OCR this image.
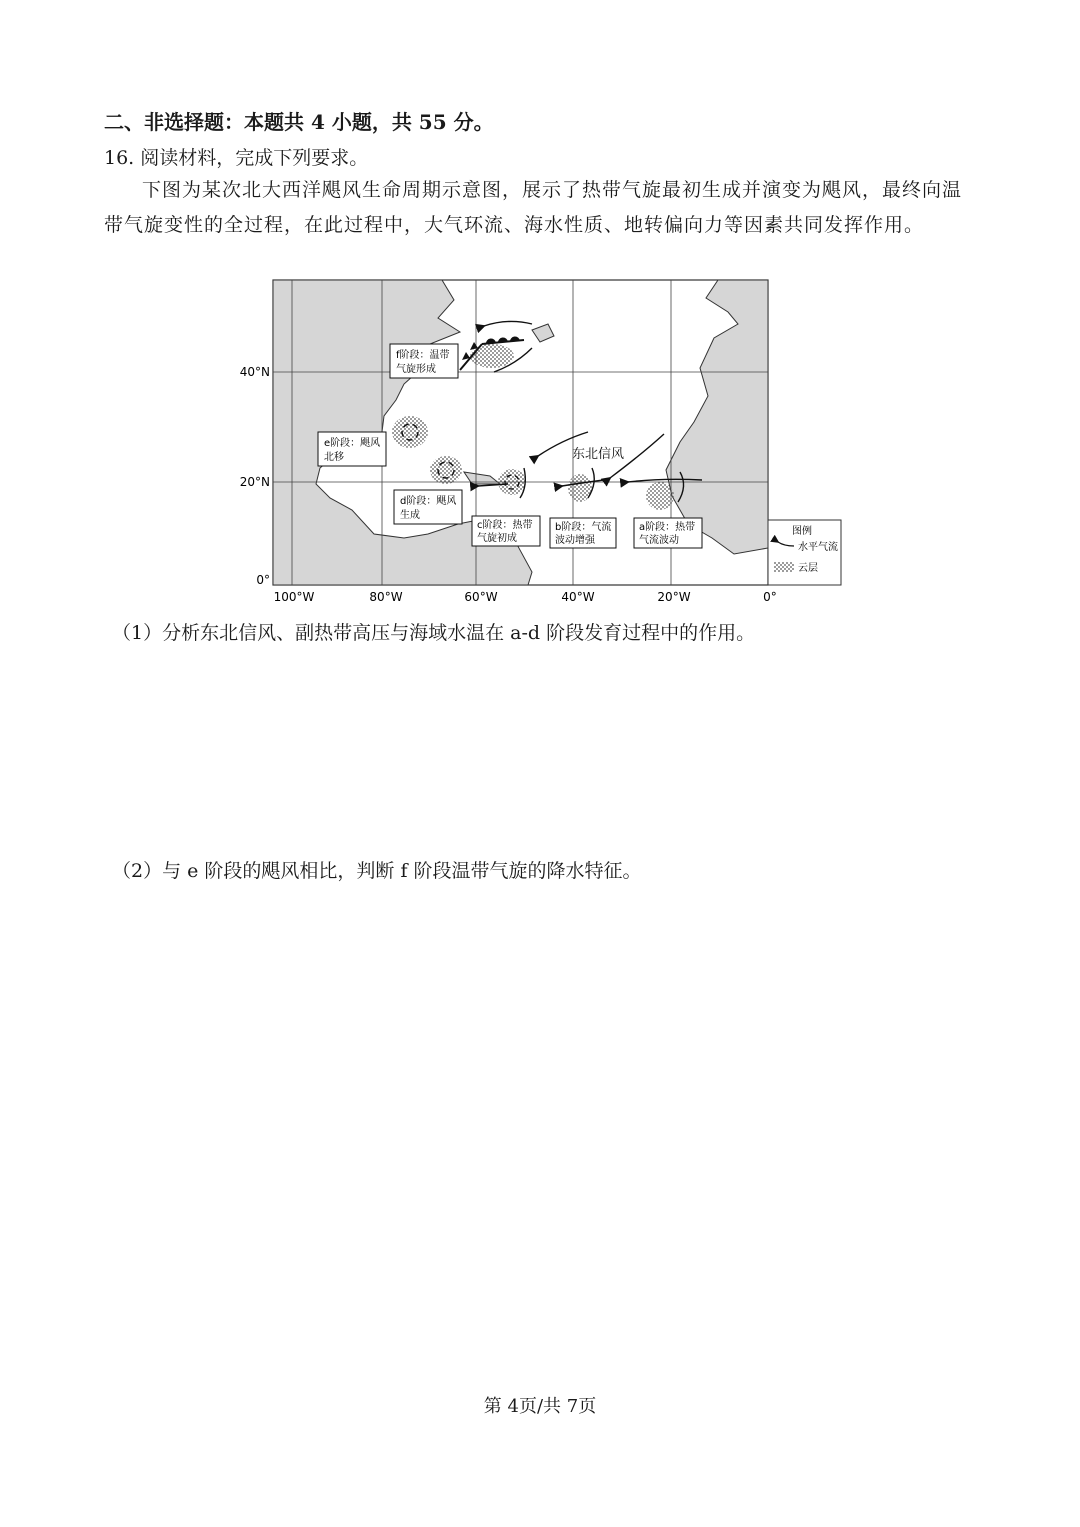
二、非选择题：本题共 4 小题，共 55 分。
16. 阅读材料，完成下列要求。
下图为某次北大西洋飓风生命周期示意图，展示了热带气旋最初生成并演变为飓风，最终向温带气旋变性的全过程，在此过程中，大气环流、海水性质、地转偏向力等因素共同发挥作用。
40°N
20°N
0°
100°W	80°W	60°W	40°W	20°W	0°
东北信风
f阶段：温带
气旋形成
e阶段：飓风
北移
d阶段：飓风
生成
c阶段：热带
气旋初成
b阶段：气流
波动增强
a阶段：热带
气流波动
图例
水平气流
云层
（1）分析东北信风、副热带高压与海域水温在 a-d 阶段发育过程中的作用。
（2）与 e 阶段的飓风相比，判断 f 阶段温带气旋的降水特征。
第 4页/共 7页
